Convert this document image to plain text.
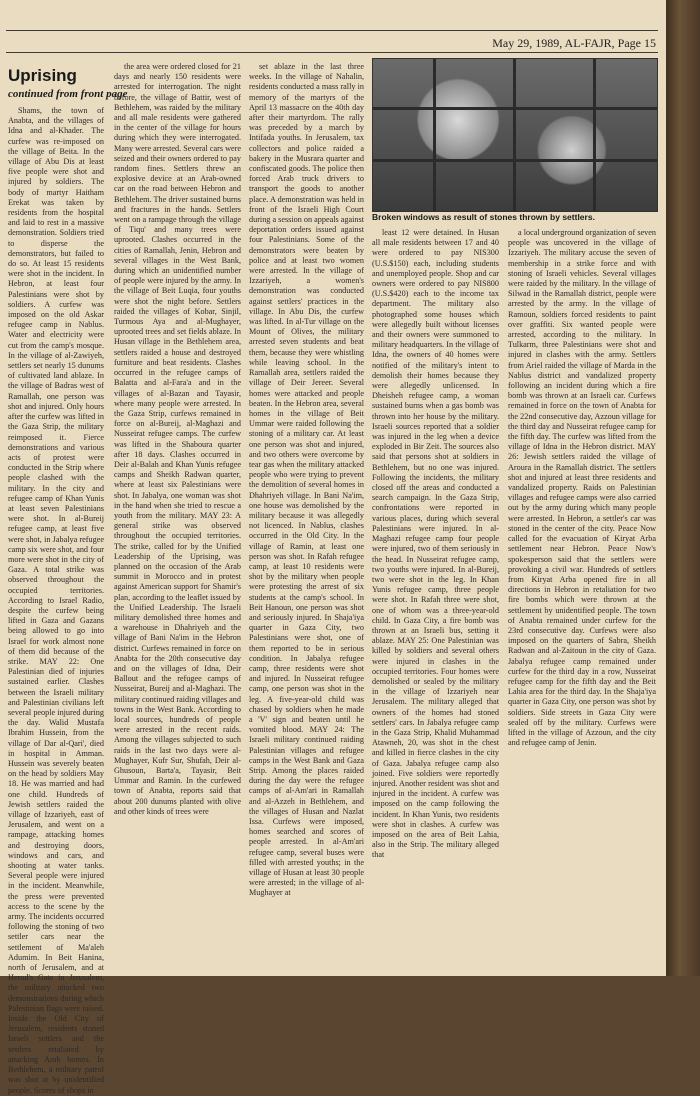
May 29, 1989, AL-FAJR, Page 15
Uprising
continued from front page

Shams, the town of Anabta, and the villages of Idna and al-Khader. The curfew was re-imposed on the village of Beita. In the village of Abu Dis at least five people were shot and injured by soldiers. The body of martyr Haitham Erekat was taken by residents from the hospital and laid to rest in a massive demonstration. Soldiers tried to disperse the demonstrators, but failed to do so. At least 15 residents were shot in the incident. In Hebron, at least four Palestinians were shot by soldiers. A curfew was imposed on the old Askar refugee camp in Nablus. Water and electricity were cut from the camp's mosque. In the village of al-Zawiyeh, settlers set nearly 15 dunums of cultivated land ablaze. In the village of Badras west of Ramallah, one person was shot and injured. Only hours after the curfew was lifted in the Gaza Strip, the military reimposed it. Fierce demonstrations and various acts of protest were conducted in the Strip where people clashed with the military. In the city and refugee camp of Khan Yunis at least seven Palestinians were shot. In al-Bureij refugee camp, at least five were shot, in Jabalya refugee camp six were shot, and four more were shot in the city of Gaza. A total strike was observed throughout the occupied territories. According to Israel Radio, despite the curfew being lifted in Gaza and Gazans being allowed to go into Israel for work almost none of them did because of the strike. MAY 22: One Palestinian died of injuries sustained earlier. Clashes between the Israeli military and Palestinian civilians left several people injured during the day. Walid Mustafa Ibrahim Hussein, from the village of Dar al-Qari', died in hospital in Amman. Hussein was severely beaten on the head by soldiers May 18. He was married and had one child. Hundreds of Jewish settlers raided the village of Izzariyeh, east of Jerusalem, and went on a rampage, attacking homes and destroying doors, windows and cars, and shooting at water tanks. Several people were injured in the incident. Meanwhile, the press were prevented access to the scene by the army. The incidents occurred following the stoning of two settler cars near the settlement of Ma'aleh Adumim. In Beit Hanina, north of Jerusalem, and at Herod's Gate in Jerusalem, the military attacked two demonstrations during which Palestinian flags were raised. Inside the Old City of Jerusalem, residents stoned Israeli settlers and the settlers retaliated by attacking Arab homes. In Bethlehem, a military patrol was shot at by unidentified people. Scores of shops in

the area were ordered closed for 21 days and nearly 150 residents were arrested for interrogation. The night before, the village of Battir, west of Bethlehem, was raided by the military and all male residents were gathered in the center of the village for hours during which they were interrogated. Many were arrested. Several cars were seized and their owners ordered to pay random fines. Settlers threw an explosive device at an Arab-owned car on the road between Hebron and Bethlehem. The driver sustained burns and fractures in the hands. Settlers went on a rampage through the village of Tiqu' and many trees were uprooted. Clashes occurred in the cities of Ramallah, Jenin, Hebron and several villages in the West Bank, during which an unidentified number of people were injured by the army. In the village of Beit Luqia, four youths were shot the night before. Settlers raided the villages of Kobar, Sinjil, Turmous Aya and al-Mughayer, uprooted trees and set fields ablaze. In Husan village in the Bethlehem area, settlers raided a house and destroyed furniture and beat residents. Clashes occurred in the refugee camps of Balatta and al-Fara'a and in the villages of al-Bazan and Tayasir, where many people were arrested. In the Gaza Strip, curfews remained in force on al-Bureij, al-Maghazi and Nusseirat refugee camps. The curfew was lifted in the Shaboura quarter after 18 days. Clashes occurred in Deir al-Balah and Khan Yunis refugee camps and Sheikh Radwan quarter, where at least six Palestinians were shot. In Jabalya, one woman was shot in the hand when she tried to rescue a youth from the military. MAY 23: A general strike was observed throughout the occupied territories. The strike, called for by the Unified Leadership of the Uprising, was planned on the occasion of the Arab summit in Morocco and in protest against American support for Shamir's plan, according to the leaflet issued by the Unified Leadership. The Israeli military demolished three homes and a warehouse in Dhahriyeh and the village of Bani Na'im in the Hebron district. Curfews remained in force on Anabta for the 20th consecutive day and on the villages of Idna, Deir Ballout and the refugee camps of Nusseirat, Bureij and al-Maghazi. The military continued raiding villages and towns in the West Bank. According to local sources, hundreds of people were arrested in the recent raids. Among the villages subjected to such raids in the last two days were al-Mughayer, Kufr Sur, Shufah, Deir al-Ghusoun, Barta'a, Tayasir, Beit Ummar and Ramin. In the curfewed town of Anabta, reports said that about 200 dunums planted with olive and other kinds of trees were

set ablaze in the last three weeks. In the village of Nahalin, residents conducted a mass rally in memory of the martyrs of the April 13 massacre on the 40th day after their martyrdom. The rally was preceded by a march by Intifada youths. In Jerusalem, tax collectors and police raided a bakery in the Musrara quarter and confiscated goods. The police then forced Arab truck drivers to transport the goods to another place. A demonstration was held in front of the Israeli High Court during a session on appeals against deportation orders issued against four Palestinians. Some of the demonstrators were beaten by police and at least two women were arrested. In the village of Izzariyeh, a women's demonstration was conducted against settlers' practices in the village. In Abu Dis, the curfew was lifted. In al-Tur village on the Mount of Olives, the military arrested seven students and beat them, because they were whistling while leaving school. In the Ramallah area, settlers raided the village of Deir Jereer. Several homes were attacked and people beaten. In the Hebron area, several homes in the village of Beit Ummar were raided following the stoning of a military car. At least one person was shot and injured, and two others were overcome by tear gas when the military attacked people who were trying to prevent the demolition of several homes in Dhahriyeh village. In Bani Na'im, one house was demolished by the military because it was allegedly not licenced. In Nablus, clashes occurred in the Old City. In the village of Ramin, at least one person was shot. In Rafah refugee camp, at least 10 residents were shot by the military when people were protesting the arrest of six students at the camp's school. In Beit Hanoun, one person was shot and seriously injured. In Shaja'iya quarter in Gaza City, two Palestinians were shot, one of them reported to be in serious condition. In Jabalya refugee camp, three residents were shot and injured. In Nusseirat refugee camp, one person was shot in the leg. A five-year-old child was chased by soldiers when he made a 'V' sign and beaten until he vomited blood. MAY 24: The Israeli military continued raiding Palestinian villages and refugee camps in the West Bank and Gaza Strip. Among the places raided during the day were the refugee camps of al-Am'ari in Ramallah and al-Azzeh in Bethlehem, and the villages of Husan and Nazlat Issa. Curfews were imposed, homes searched and scores of people arrested. In al-Am'ari refugee camp, several buses were filled with arrested youths; in the village of Husan at least 30 people were arrested; in the village of al-Mughayer at

Broken windows as result of stones thrown by settlers.

least 12 were detained. In Husan all male residents between 17 and 40 were ordered to pay NIS300 (U.S.$150) each, including students and unemployed people. Shop and car owners were ordered to pay NIS800 (U.S.$420) each to the income tax department. The military also photographed some houses which were allegedly built without licenses and their owners were summoned to military headquarters. In the village of Idna, the owners of 40 homes were notified of the military's intent to demolish their homes because they were allegedly unlicensed. In Dheisheh refugee camp, a woman sustained burns when a gas bomb was thrown into her house by the military. Israeli sources reported that a soldier was injured in the leg when a device exploded in Bir Zeit. The sources also said that persons shot at soldiers in Bethlehem, but no one was injured. Following the incidents, the military closed off the areas and conducted a search campaign. In the Gaza Strip, confrontations were reported in various places, during which several Palestinians were injured. In al-Maghazi refugee camp four people were injured, two of them seriously in the head. In Nusseirat refugee camp, two youths were injured. In al-Bureij, two were shot in the leg. In Khan Yunis refugee camp, three people were shot. In Rafah three were shot, one of whom was a three-year-old child. In Gaza City, a fire bomb was thrown at an Israeli bus, setting it ablaze. MAY 25: One Palestinian was killed by soldiers and several others were injured in clashes in the occupied territories. Four homes were demolished or sealed by the military in the village of Izzariyeh near Jerusalem. The military alleged that owners of the homes had stoned settlers' cars. In Jabalya refugee camp in the Gaza Strip, Khalid Muhammad Atawneh, 20, was shot in the chest and killed in fierce clashes in the city of Gaza. Jabalya refugee camp also joined. Five soldiers were reportedly injured. Another resident was shot and injured in the incident. A curfew was imposed on the camp following the incident. In Khan Yunis, two residents were shot in clashes. A curfew was imposed on the area of Beit Lahia, also in the Strip. The military alleged that

a local underground organization of seven people was uncovered in the village of Izzariyeh. The military accuse the seven of membership in a strike force and with stoning of Israeli vehicles. Several villages were raided by the military. In the village of Silwad in the Ramallah district, people were arrested by the army. In the village of Ramoun, soldiers forced residents to paint over graffiti. Six wanted people were arrested, according to the military. In Tulkarm, three Palestinians were shot and injured in clashes with the army. Settlers from Ariel raided the village of Marda in the Nablus district and vandalized property following an incident during which a fire bomb was thrown at an Israeli car. Curfews remained in force on the town of Anabta for the 22nd consecutive day, Azzoun village for the third day and Nusseirat refugee camp for the fifth day. The curfew was lifted from the village of Idna in the Hebron district. MAY 26: Jewish settlers raided the village of Aroura in the Ramallah district. The settlers shot and injured at least three residents and vandalized property. Raids on Palestinian villages and refugee camps were also carried out by the army during which many people were arrested. In Hebron, a settler's car was stoned in the center of the city. Peace Now called for the evacuation of Kiryat Arba settlement near Hebron. Peace Now's spokesperson said that the settlers were provoking a civil war. Hundreds of settlers from Kiryat Arba opened fire in all directions in Hebron in retaliation for two fire bombs which were thrown at the settlement by unidentified people. The town of Anabta remained under curfew for the 23rd consecutive day. Curfews were also imposed on the quarters of Sabra, Sheikh Radwan and al-Zaitoun in the city of Gaza. Jabalya refugee camp remained under curfew for the third day in a row, Nusseirat refugee camp for the fifth day and the Beit Lahia area for the third day. In the Shaja'iya quarter in Gaza City, one person was shot by soldiers. Side streets in Gaza City were sealed off by the military. Curfews were lifted in the village of Azzoun, and the city and refugee camp of Jenin.
